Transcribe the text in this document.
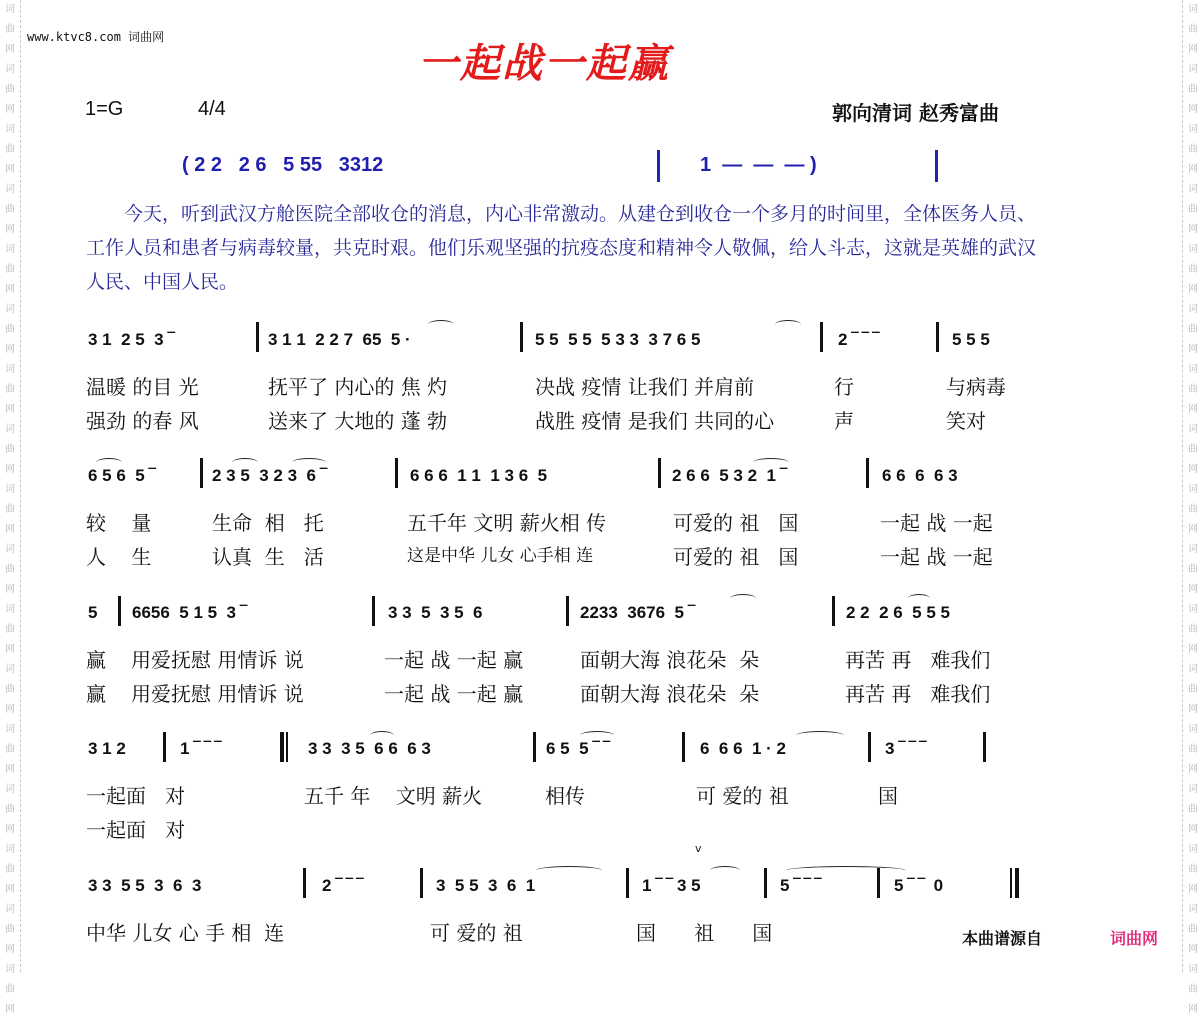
词
曲
网
词
曲
网
词
曲
网
词
曲
网
词
曲
网
词
曲
网
词
曲
网
词
曲
网
词
曲
网
词
曲
网
词
曲
网
词
曲
网
词
曲
网
词
曲
网
词
曲
网
词
曲
网
词
曲
网
词
曲
网
词
曲
网
词
曲
网
词
曲
网
词
曲
网
词
曲
网
词
曲
网
词
曲
网
词
曲
网
词
曲
网
词
曲
网
词
曲
网
词
曲
网
词
曲
网
词
曲
网
词
曲
网
词
曲
网
www.ktvc8.com 词曲网
一起战一起赢
1=G	4/4	郭向清词 赵秀富曲
( 2 2   2 6   5 55   3312	1  —  —  — )

今天，听到武汉方舱医院全部收仓的消息，内心非常激动。从建仓到收仓一个多月的时间里，全体医务人员、工作人员和患者与病毒较量，共克时艰。他们乐观坚强的抗疫态度和精神令人敬佩，给人斗志，这就是英雄的武汉人民、中国人民。

3 1  2 5  3 ‾	3 1 1  2 2 7  65  5 ·	5 5  5 5  5 3 3  3 7 6 5	2 ‾ ‾ ‾	5 5 5
温暖 的目 光	抚平了 内心的 焦 灼	决战 疫情 让我们 并肩前	行	与病毒
强劲 的春 风	送来了 大地的 蓬 勃	战胜 疫情 是我们 共同的心	声	笑对
6 5 6  5 ‾	2 3 5  3 2 3  6 ‾	6 6 6  1 1  1 3 6  5	2 6 6  5 3 2  1 ‾	6 6  6  6 3
较    量	生命  相   托	五千年 文明 薪火相 传	可爱的 祖   国	一起 战 一起
人    生	认真  生   活	这是中华 儿女 心手相 连	可爱的 祖   国	一起 战 一起
5 6656  5 1 5  3 ‾	3 3  5  3 5  6	2233  3676  5 ‾	2 2  2 6  5 5 5
赢 用爱抚慰 用情诉 说	一起 战 一起 赢	面朝大海 浪花朵  朵	再苦 再   难我们
赢 用爱抚慰 用情诉 说	一起 战 一起 赢	面朝大海 浪花朵  朵	再苦 再   难我们
3 1 2	1 ‾ ‾ ‾	3 3  3 5  6 6  6 3	6 5  5 ‾ ‾	6  6 6  1 · 2	3 ‾ ‾ ‾
一起面   对	五千 年    文明 薪火	相传	可 爱的 祖	国
一起面   对
v
3 3  5 5  3  6  3	2 ‾ ‾ ‾	3  5 5  3  6  1	1 ‾ ‾ 3 5	5 ‾ ‾ ‾	5 ‾ ‾  0
中华 儿女 心 手 相  连	可 爱的 祖	国      祖      国	本曲谱源自	词曲网
